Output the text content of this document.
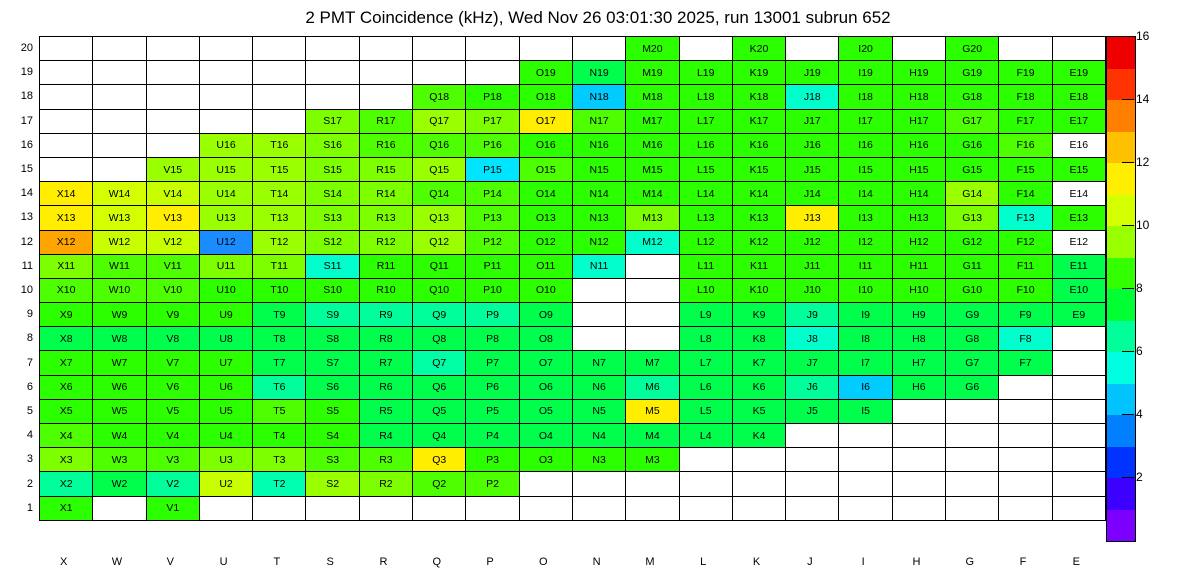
2 PMT Coincidence (kHz), Wed Nov 26 03:01:30 2025, run 13001 subrun 652
											M20		K20		I20		G20		
									O19	N19	M19	L19	K19	J19	I19	H19	G19	F19	E19
							Q18	P18	O18	N18	M18	L18	K18	J18	I18	H18	G18	F18	E18
					S17	R17	Q17	P17	O17	N17	M17	L17	K17	J17	I17	H17	G17	F17	E17
			U16	T16	S16	R16	Q16	P16	O16	N16	M16	L16	K16	J16	I16	H16	G16	F16	E16
		V15	U15	T15	S15	R15	Q15	P15	O15	N15	M15	L15	K15	J15	I15	H15	G15	F15	E15
X14	W14	V14	U14	T14	S14	R14	Q14	P14	O14	N14	M14	L14	K14	J14	I14	H14	G14	F14	E14
X13	W13	V13	U13	T13	S13	R13	Q13	P13	O13	N13	M13	L13	K13	J13	I13	H13	G13	F13	E13
X12	W12	V12	U12	T12	S12	R12	Q12	P12	O12	N12	M12	L12	K12	J12	I12	H12	G12	F12	E12
X11	W11	V11	U11	T11	S11	R11	Q11	P11	O11	N11		L11	K11	J11	I11	H11	G11	F11	E11
X10	W10	V10	U10	T10	S10	R10	Q10	P10	O10			L10	K10	J10	I10	H10	G10	F10	E10
X9	W9	V9	U9	T9	S9	R9	Q9	P9	O9			L9	K9	J9	I9	H9	G9	F9	E9
X8	W8	V8	U8	T8	S8	R8	Q8	P8	O8			L8	K8	J8	I8	H8	G8	F8	
X7	W7	V7	U7	T7	S7	R7	Q7	P7	O7	N7	M7	L7	K7	J7	I7	H7	G7	F7	
X6	W6	V6	U6	T6	S6	R6	Q6	P6	O6	N6	M6	L6	K6	J6	I6	H6	G6		
X5	W5	V5	U5	T5	S5	R5	Q5	P5	O5	N5	M5	L5	K5	J5	I5				
X4	W4	V4	U4	T4	S4	R4	Q4	P4	O4	N4	M4	L4	K4						
X3	W3	V3	U3	T3	S3	R3	Q3	P3	O3	N3	M3								
X2	W2	V2	U2	T2	S2	R2	Q2	P2											
X1		V1																	
20
19
18
17
16
15
14
13
12
11
10
9
8
7
6
5
4
3
2
1
X	W	V	U	T	S	R	Q	P	O	N	M	L	K	J	I	H	G	F	E
2
4
6
8
10
12
14
16
